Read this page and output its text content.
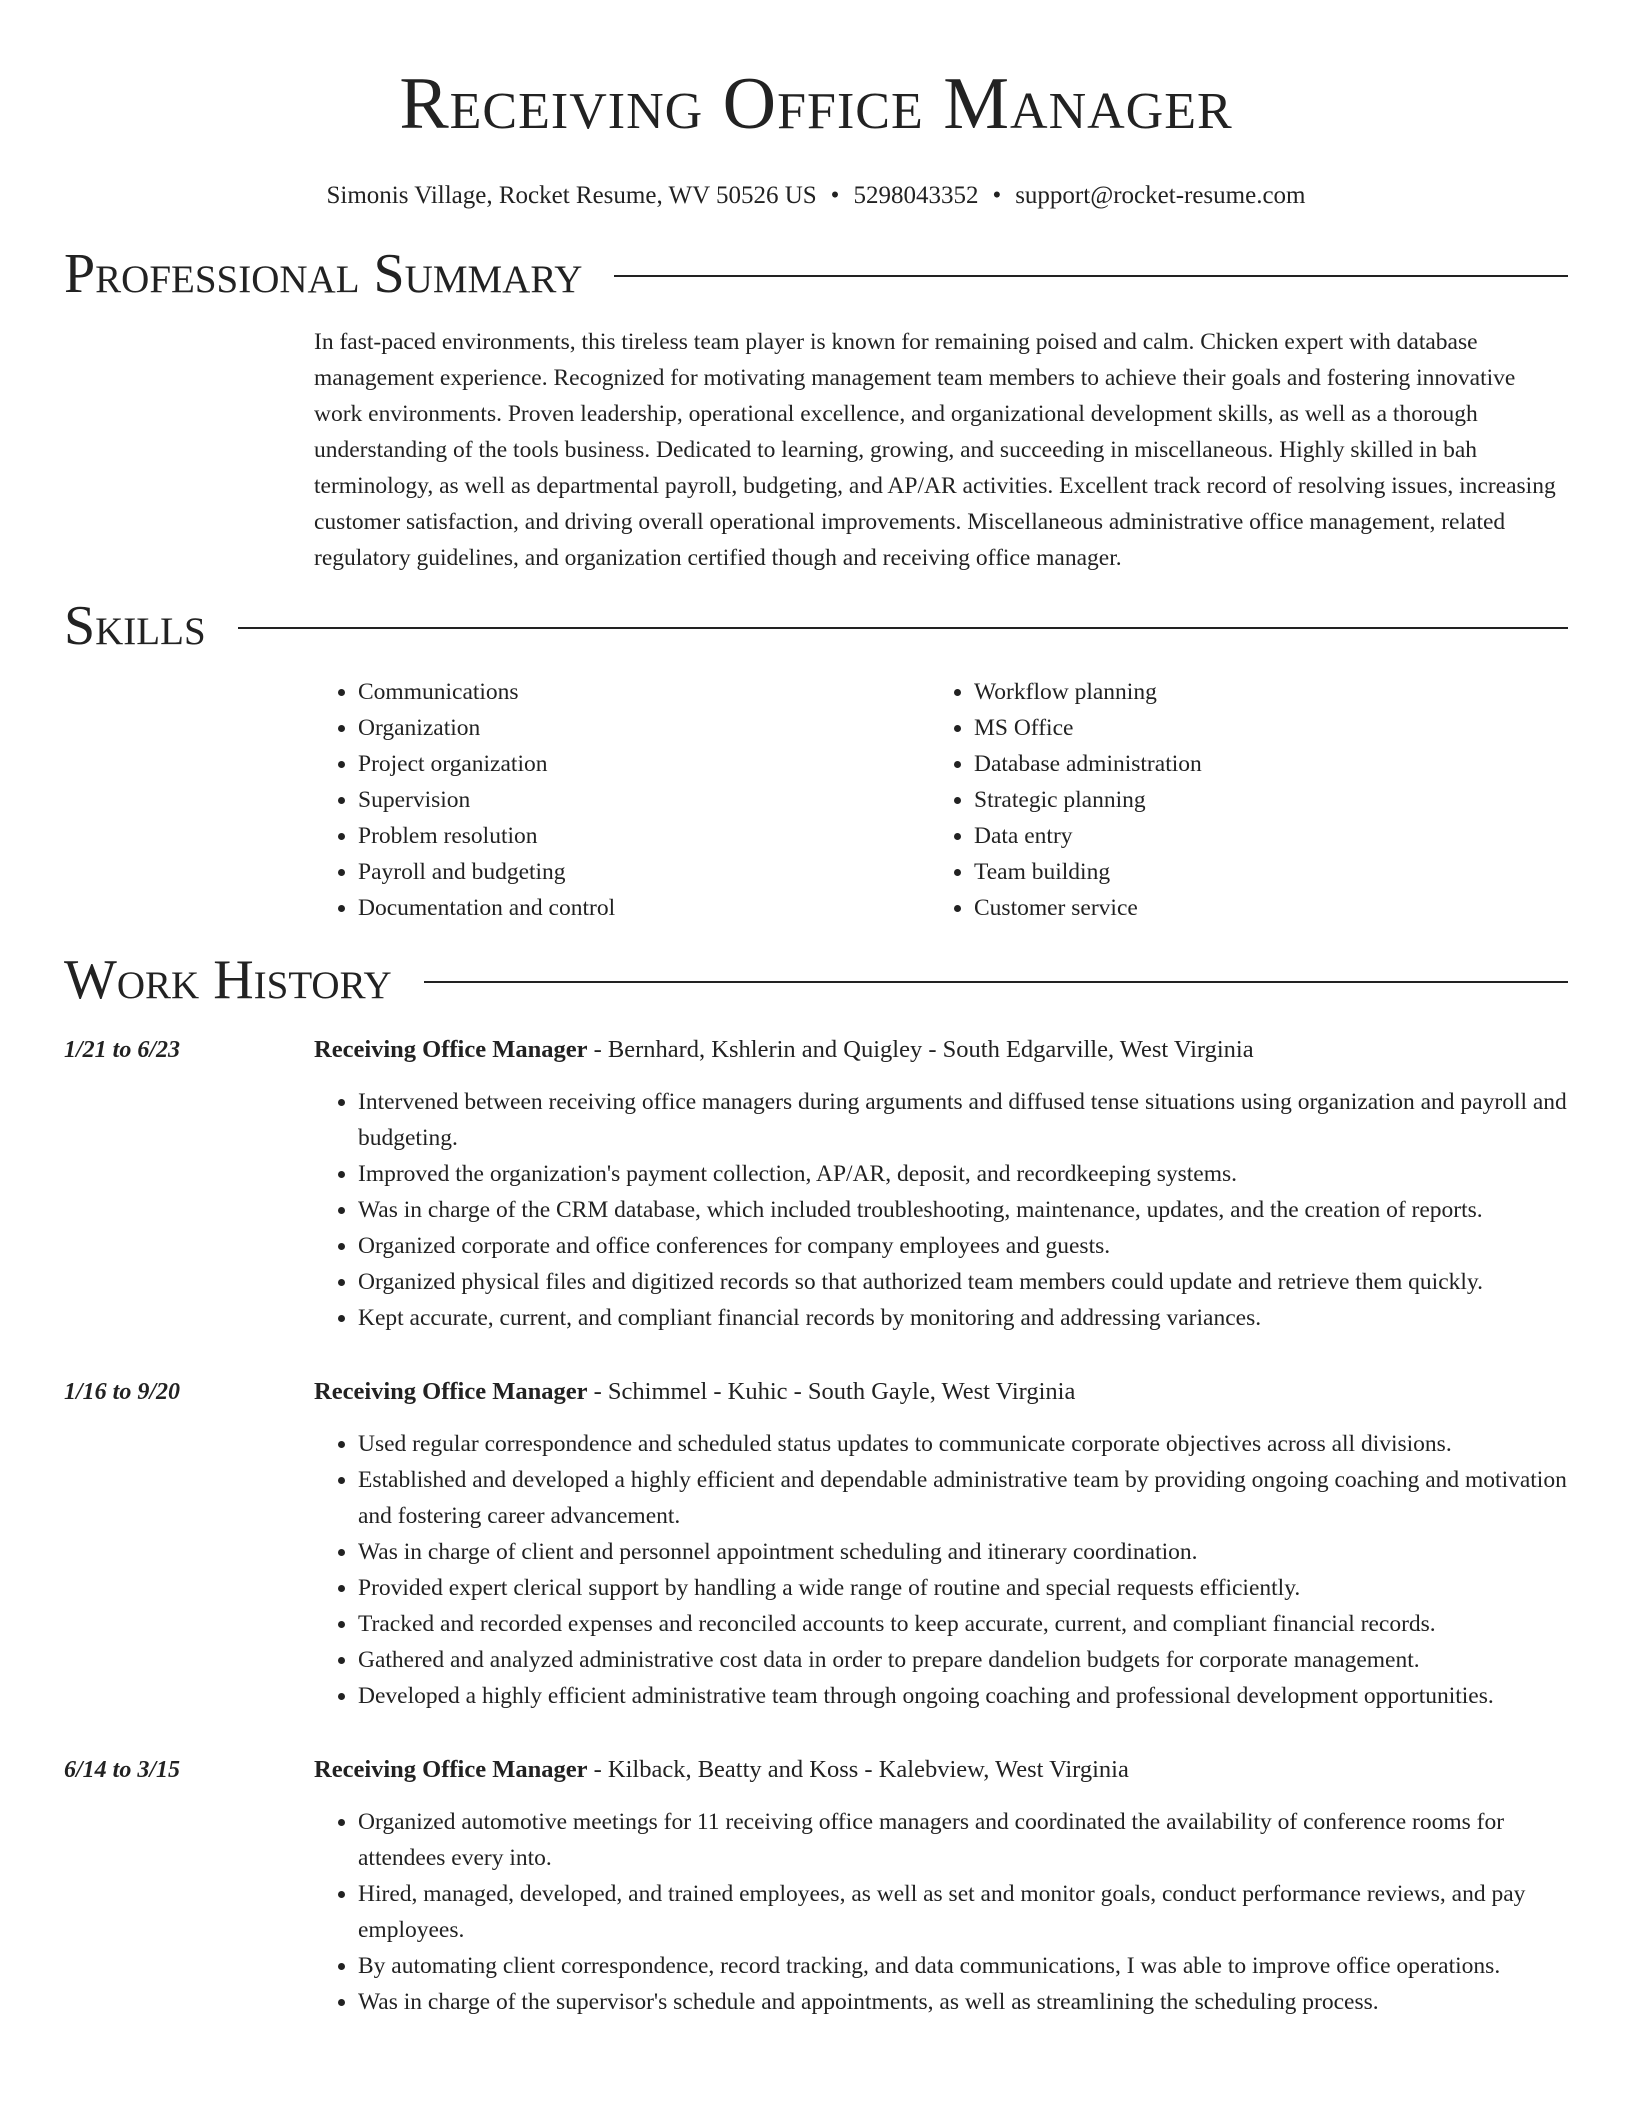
Receiving Office Manager
Simonis Village, Rocket Resume, WV 50526 US • 5298043352 • support@rocket-resume.com
Professional Summary

In fast-paced environments, this tireless team player is known for remaining poised and calm. Chicken expert with database management experience. Recognized for motivating management team members to achieve their goals and fostering innovative work environments. Proven leadership, operational excellence, and organizational development skills, as well as a thorough understanding of the tools business. Dedicated to learning, growing, and succeeding in miscellaneous. Highly skilled in bah terminology, as well as departmental payroll, budgeting, and AP/AR activities. Excellent track record of resolving issues, increasing customer satisfaction, and driving overall operational improvements. Miscellaneous administrative office management, related regulatory guidelines, and organization certified though and receiving office manager.

Skills
• Communications
• Organization
• Project organization
• Supervision
• Problem resolution
• Payroll and budgeting
• Documentation and control
• Workflow planning
• MS Office
• Database administration
• Strategic planning
• Data entry
• Team building
• Customer service
Work History
1/21 to 6/23	Receiving Office Manager - Bernhard, Kshlerin and Quigley - South Edgarville, West Virginia
• Intervened between receiving office managers during arguments and diffused tense situations using organization and payroll and budgeting.
• Improved the organization's payment collection, AP/AR, deposit, and recordkeeping systems.
• Was in charge of the CRM database, which included troubleshooting, maintenance, updates, and the creation of reports.
• Organized corporate and office conferences for company employees and guests.
• Organized physical files and digitized records so that authorized team members could update and retrieve them quickly.
• Kept accurate, current, and compliant financial records by monitoring and addressing variances.
1/16 to 9/20	Receiving Office Manager - Schimmel - Kuhic - South Gayle, West Virginia
• Used regular correspondence and scheduled status updates to communicate corporate objectives across all divisions.
• Established and developed a highly efficient and dependable administrative team by providing ongoing coaching and motivation and fostering career advancement.
• Was in charge of client and personnel appointment scheduling and itinerary coordination.
• Provided expert clerical support by handling a wide range of routine and special requests efficiently.
• Tracked and recorded expenses and reconciled accounts to keep accurate, current, and compliant financial records.
• Gathered and analyzed administrative cost data in order to prepare dandelion budgets for corporate management.
• Developed a highly efficient administrative team through ongoing coaching and professional development opportunities.
6/14 to 3/15	Receiving Office Manager - Kilback, Beatty and Koss - Kalebview, West Virginia
• Organized automotive meetings for 11 receiving office managers and coordinated the availability of conference rooms for attendees every into.
• Hired, managed, developed, and trained employees, as well as set and monitor goals, conduct performance reviews, and pay employees.
• By automating client correspondence, record tracking, and data communications, I was able to improve office operations.
• Was in charge of the supervisor's schedule and appointments, as well as streamlining the scheduling process.
